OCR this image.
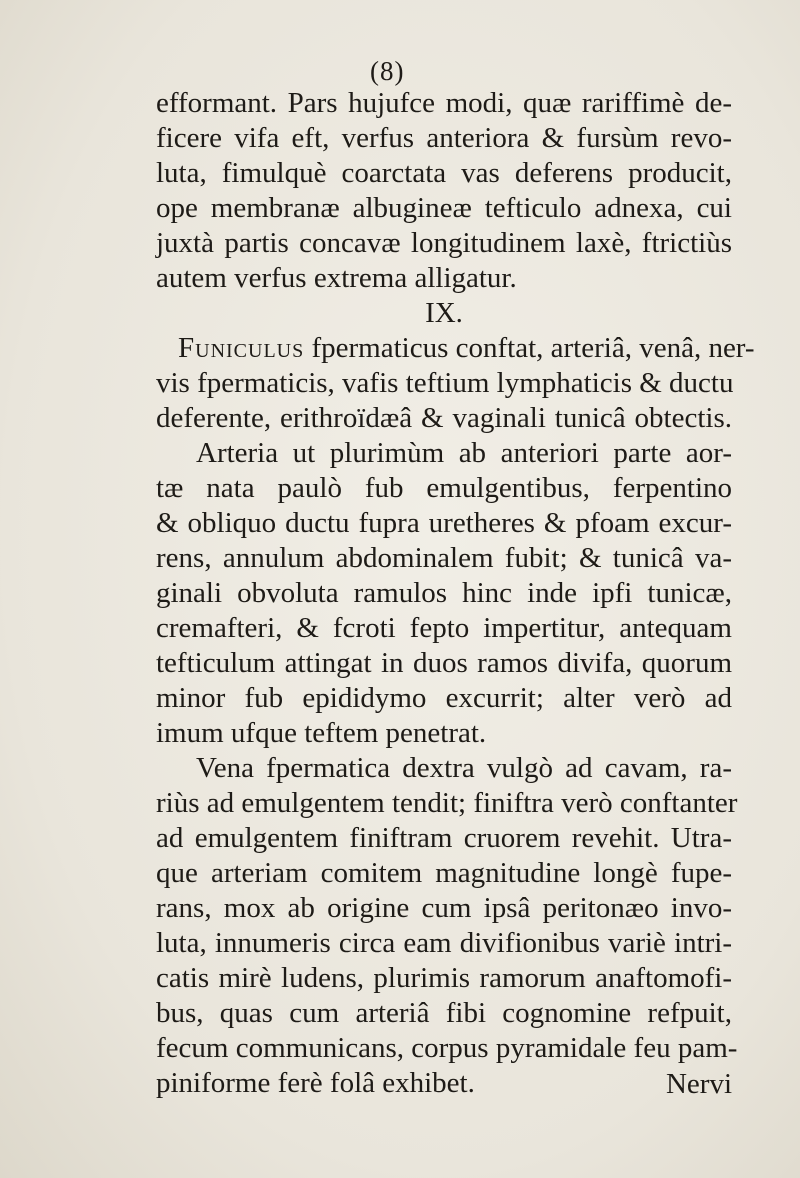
(8)
efformant. Pars hujufce modi, quæ rariffimè de-
ficere vifa eft, verfus anteriora & fursùm revo-
luta, fimulquè coarctata vas deferens producit,
ope membranæ albugineæ tefticulo adnexa, cui
juxtà partis concavæ longitudinem laxè, ftrictiùs
autem verfus extrema alligatur.
IX.
Funiculus fpermaticus conftat, arteriâ, venâ, ner-
vis fpermaticis, vafis teftium lymphaticis & ductu
deferente, erithroïdæâ & vaginali tunicâ obtectis.
Arteria ut plurimùm ab anteriori parte aor-
tæ nata paulò fub emulgentibus, ferpentino
& obliquo ductu fupra uretheres & pfoam excur-
rens, annulum abdominalem fubit; & tunicâ va-
ginali obvoluta ramulos hinc inde ipfi tunicæ,
cremafteri, & fcroti fepto impertitur, antequam
tefticulum attingat in duos ramos divifa, quorum
minor fub epididymo excurrit; alter verò ad
imum ufque teftem penetrat.
Vena fpermatica dextra vulgò ad cavam, ra-
riùs ad emulgentem tendit; finiftra verò conftanter
ad emulgentem finiftram cruorem revehit. Utra-
que arteriam comitem magnitudine longè fupe-
rans, mox ab origine cum ipsâ peritonæo invo-
luta, innumeris circa eam divifionibus variè intri-
catis mirè ludens, plurimis ramorum anaftomofi-
bus, quas cum arteriâ fibi cognomine refpuit,
fecum communicans, corpus pyramidale feu pam-
piniforme ferè folâ exhibet.	Nervi
